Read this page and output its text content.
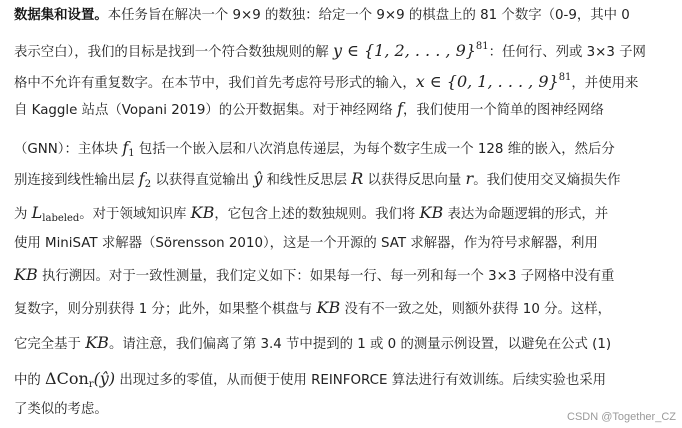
数据集和设置。本任务旨在解决一个 9×9 的数独：给定一个 9×9 的棋盘上的 81 个数字（0-9，其中 0
表示空白），我们的目标是找到一个符合数独规则的解 y ∈ {1, 2, . . . , 9}$^{81}$：任何行、列或 3×3 子网
格中不允许有重复数字。在本节中，我们首先考虑符号形式的输入，x ∈ {0, 1, . . . , 9}$^{81}$，并使用来
自 Kaggle 站点（Vopani 2019）的公开数据集。对于神经网络 f，我们使用一个简单的图神经网络
（GNN）：主体块 $f_1$ 包括一个嵌入层和八次消息传递层，为每个数字生成一个 128 维的嵌入，然后分
别连接到线性输出层 $f_2$ 以获得直觉输出 ŷ 和线性反思层 R 以获得反思向量 r。我们使用交叉熵损失作
为 $L_{labeled}$。对于领域知识库 KB，它包含上述的数独规则。我们将 KB 表达为命题逻辑的形式，并
使用 MiniSAT 求解器（Sörensson 2010），这是一个开源的 SAT 求解器，作为符号求解器，利用
KB 执行溯因。对于一致性测量，我们定义如下：如果每一行、每一列和每一个 3×3 子网格中没有重
复数字，则分别获得 1 分；此外，如果整个棋盘与 KB 没有不一致之处，则额外获得 10 分。这样，
它完全基于 KB。请注意，我们偏离了第 3.4 节中提到的 1 或 0 的测量示例设置，以避免在公式 (1)
中的 ΔCon$_r$(ŷ) 出现过多的零值，从而便于使用 REINFORCE 算法进行有效训练。后续实验也采用
了类似的考虑。	CSDN @Together_CZ
